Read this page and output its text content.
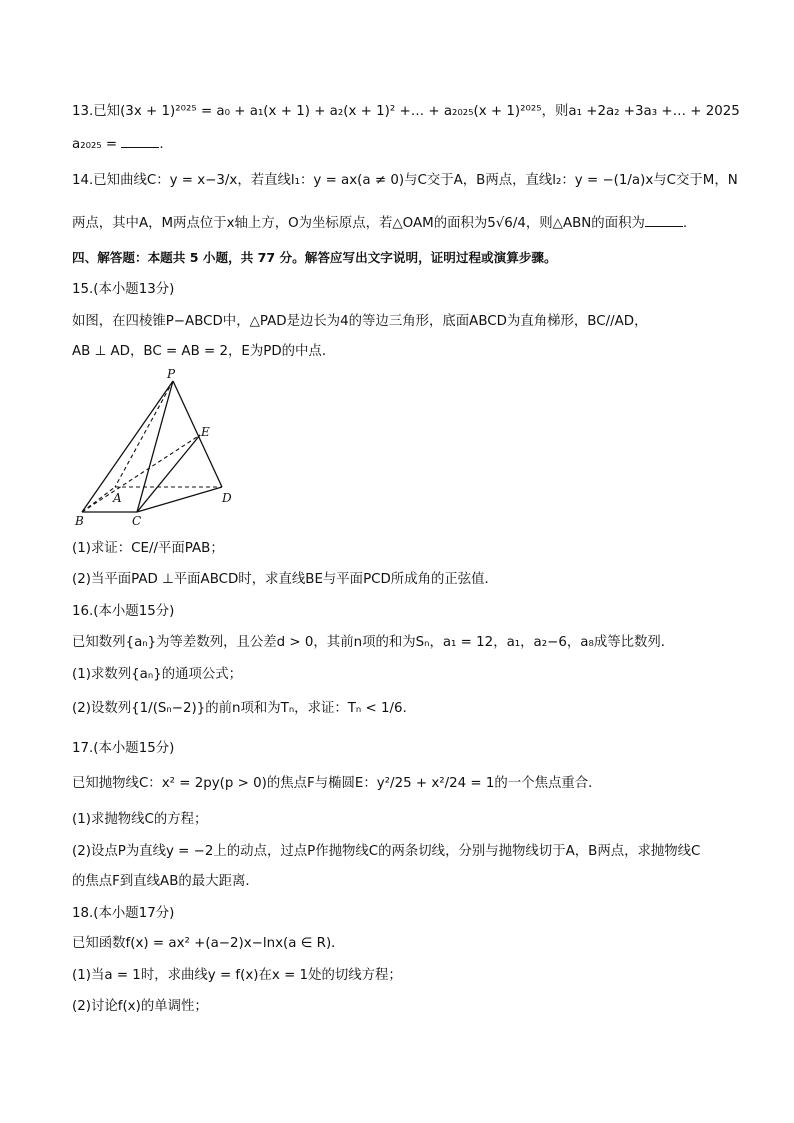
13.已知(3x + 1)²⁰²⁵ = a₀ + a₁(x + 1) + a₂(x + 1)² +… + a₂₀₂₅(x + 1)²⁰²⁵，则a₁ +2a₂ +3a₃ +… + 2025
a₂₀₂₅ =	.
14.已知曲线C：y = x−3/x，若直线l₁：y = ax(a ≠ 0)与C交于A，B两点，直线l₂：y = −(1/a)x与C交于M，N
两点，其中A，M两点位于x轴上方，O为坐标原点，若△OAM的面积为5√6/4，则△ABN的面积为	.
四、解答题：本题共 5 小题，共 77 分。解答应写出文字说明，证明过程或演算步骤。
15.(本小题13分)
如图，在四棱锥P−ABCD中，△PAD是边长为4的等边三角形，底面ABCD为直角梯形，BC//AD，
AB ⊥ AD，BC = AB = 2，E为PD的中点．
P
E
A	D
B	C
(1)求证：CE//平面PAB；
(2)当平面PAD ⊥平面ABCD时，求直线BE与平面PCD所成角的正弦值．
16.(本小题15分)
已知数列{aₙ}为等差数列，且公差d > 0，其前n项的和为Sₙ，a₁ = 12，a₁，a₂−6，a₈成等比数列．
(1)求数列{aₙ}的通项公式；
(2)设数列{1/(Sₙ−2)}的前n项和为Tₙ，求证：Tₙ < 1/6.
17.(本小题15分)
已知抛物线C：x² = 2py(p > 0)的焦点F与椭圆E：y²/25 + x²/24 = 1的一个焦点重合．
(1)求抛物线C的方程；
(2)设点P为直线y = −2上的动点，过点P作抛物线C的两条切线，分别与抛物线切于A，B两点，求抛物线C
的焦点F到直线AB的最大距离．
18.(本小题17分)
已知函数f(x) = ax² +(a−2)x−lnx(a ∈ R)．
(1)当a = 1时，求曲线y = f(x)在x = 1处的切线方程；
(2)讨论f(x)的单调性；
